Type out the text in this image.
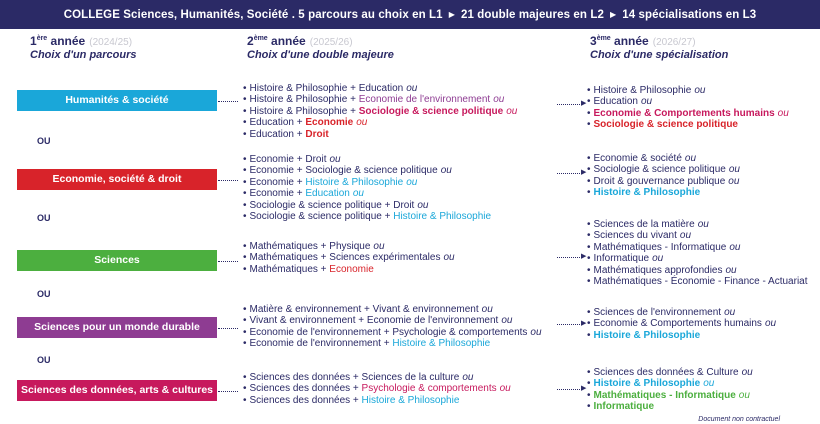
COLLEGE Sciences, Humanités, Société . 5 parcours au choix en L1 ▶ 21 double majeures en L2 ▶ 14 spécialisations en L3
1ère année (2024/25)
Choix d'un parcours
2ème année (2025/26)
Choix d'une double majeure
3ème année (2026/27)
Choix d'une spécialisation
Humanités & société
Economie, société & droit
Sciences
Sciences pour un monde durable
Sciences des données, arts & cultures
OU
OU
OU
OU
• Histoire & Philosophie + Education ou
• Histoire & Philosophie + Economie de l'environnement ou
• Histoire & Philosophie + Sociologie & science politique ou
• Education + Economie ou
• Education + Droit
• Economie + Droit ou
• Economie + Sociologie & science politique ou
• Economie + Histoire & Philosophie ou
• Economie + Education ou
• Sociologie & science politique + Droit ou
• Sociologie & science politique + Histoire & Philosophie
• Mathématiques + Physique ou
• Mathématiques + Sciences expérimentales ou
• Mathématiques + Economie
• Matière & environnement + Vivant & environnement ou
• Vivant & environnement + Economie de l'environnement ou
• Economie de l'environnement + Psychologie & comportements ou
• Economie de l'environnement + Histoire & Philosophie
• Sciences des données + Sciences de la culture ou
• Sciences des données + Psychologie & comportements ou
• Sciences des données + Histoire & Philosophie
▶
▶
▶
▶
▶
• Histoire & Philosophie ou
• Education ou
• Economie & Comportements humains ou
• Sociologie & science politique
• Economie & société ou
• Sociologie & science politique ou
• Droit & gouvernance publique ou
• Histoire & Philosophie
• Sciences de la matière ou
• Sciences du vivant ou
• Mathématiques - Informatique ou
• Informatique ou
• Mathématiques approfondies ou
• Mathématiques - Économie - Finance - Actuariat
• Sciences de l'environnement ou
• Economie & Comportements humains ou
• Histoire & Philosophie
• Sciences des données & Culture ou
• Histoire & Philosophie ou
• Mathématiques - Informatique ou
• Informatique
Document non contractuel
